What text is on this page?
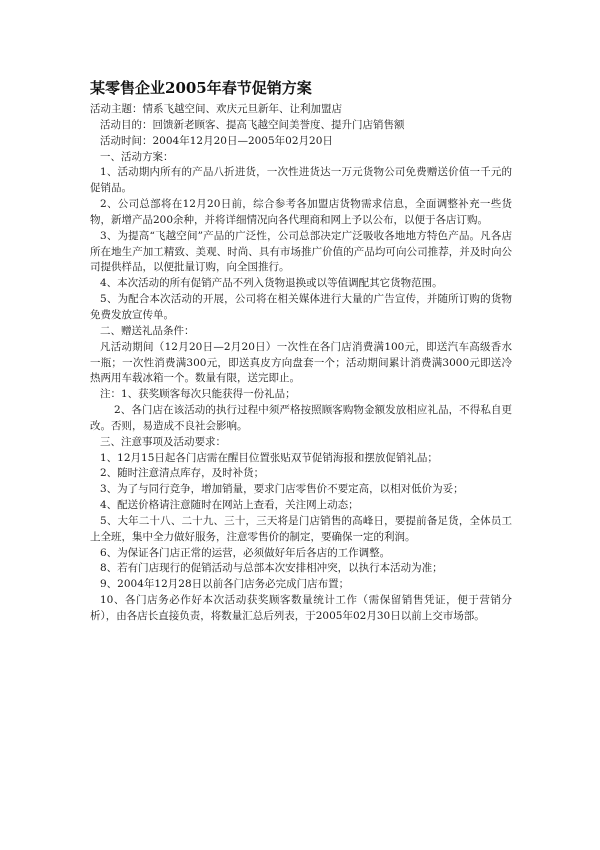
某零售企业2005年春节促销方案

活动主题：情系飞越空间、欢庆元旦新年、让利加盟店

活动目的：回馈新老顾客、提高飞越空间美誉度、提升门店销售额

活动时间：2004年12月20日—2005年02月20日

一、活动方案：

1、活动期内所有的产品八折进货，一次性进货达一万元货物公司免费赠送价值一千元的促销品。

2、公司总部将在12月20日前，综合参考各加盟店货物需求信息，全面调整补充一些货物，新增产品200余种，并将详细情况向各代理商和网上予以公布，以便于各店订购。

3、为提高“飞越空间”产品的广泛性，公司总部决定广泛吸收各地地方特色产品。凡各店所在地生产加工精致、美观、时尚、具有市场推广价值的产品均可向公司推荐，并及时向公司提供样品，以便批量订购，向全国推行。

4、本次活动的所有促销产品不列入货物退换或以等值调配其它货物范围。

5、为配合本次活动的开展，公司将在相关媒体进行大量的广告宣传，并随所订购的货物免费发放宣传单。

二、赠送礼品条件：

凡活动期间（12月20日—2月20日）一次性在各门店消费满100元，即送汽车高级香水一瓶；一次性消费满300元，即送真皮方向盘套一个；活动期间累计消费满3000元即送冷热两用车载冰箱一个。数量有限，送完即止。

注：1、获奖顾客每次只能获得一份礼品；

2、各门店在该活动的执行过程中须严格按照顾客购物金额发放相应礼品，不得私自更改。否则，易造成不良社会影响。

三、注意事项及活动要求：

1、12月15日起各门店需在醒目位置张贴双节促销海报和摆放促销礼品；

2、随时注意清点库存，及时补货；

3、为了与同行竞争，增加销量，要求门店零售价不要定高，以相对低价为妥；

4、配送价格请注意随时在网站上查看，关注网上动态；

5、大年二十八、二十九、三十，三天将是门店销售的高峰日，要提前备足货，全体员工上全班，集中全力做好服务，注意零售价的制定，要确保一定的利润。

6、为保证各门店正常的运营，必须做好年后各店的工作调整。

8、若有门店现行的促销活动与总部本次安排相冲突，以执行本活动为准；

9、2004年12月28日以前各门店务必完成门店布置；

10、各门店务必作好本次活动获奖顾客数量统计工作（需保留销售凭证，便于营销分析），由各店长直接负责，将数量汇总后列表，于2005年02月30日以前上交市场部。
